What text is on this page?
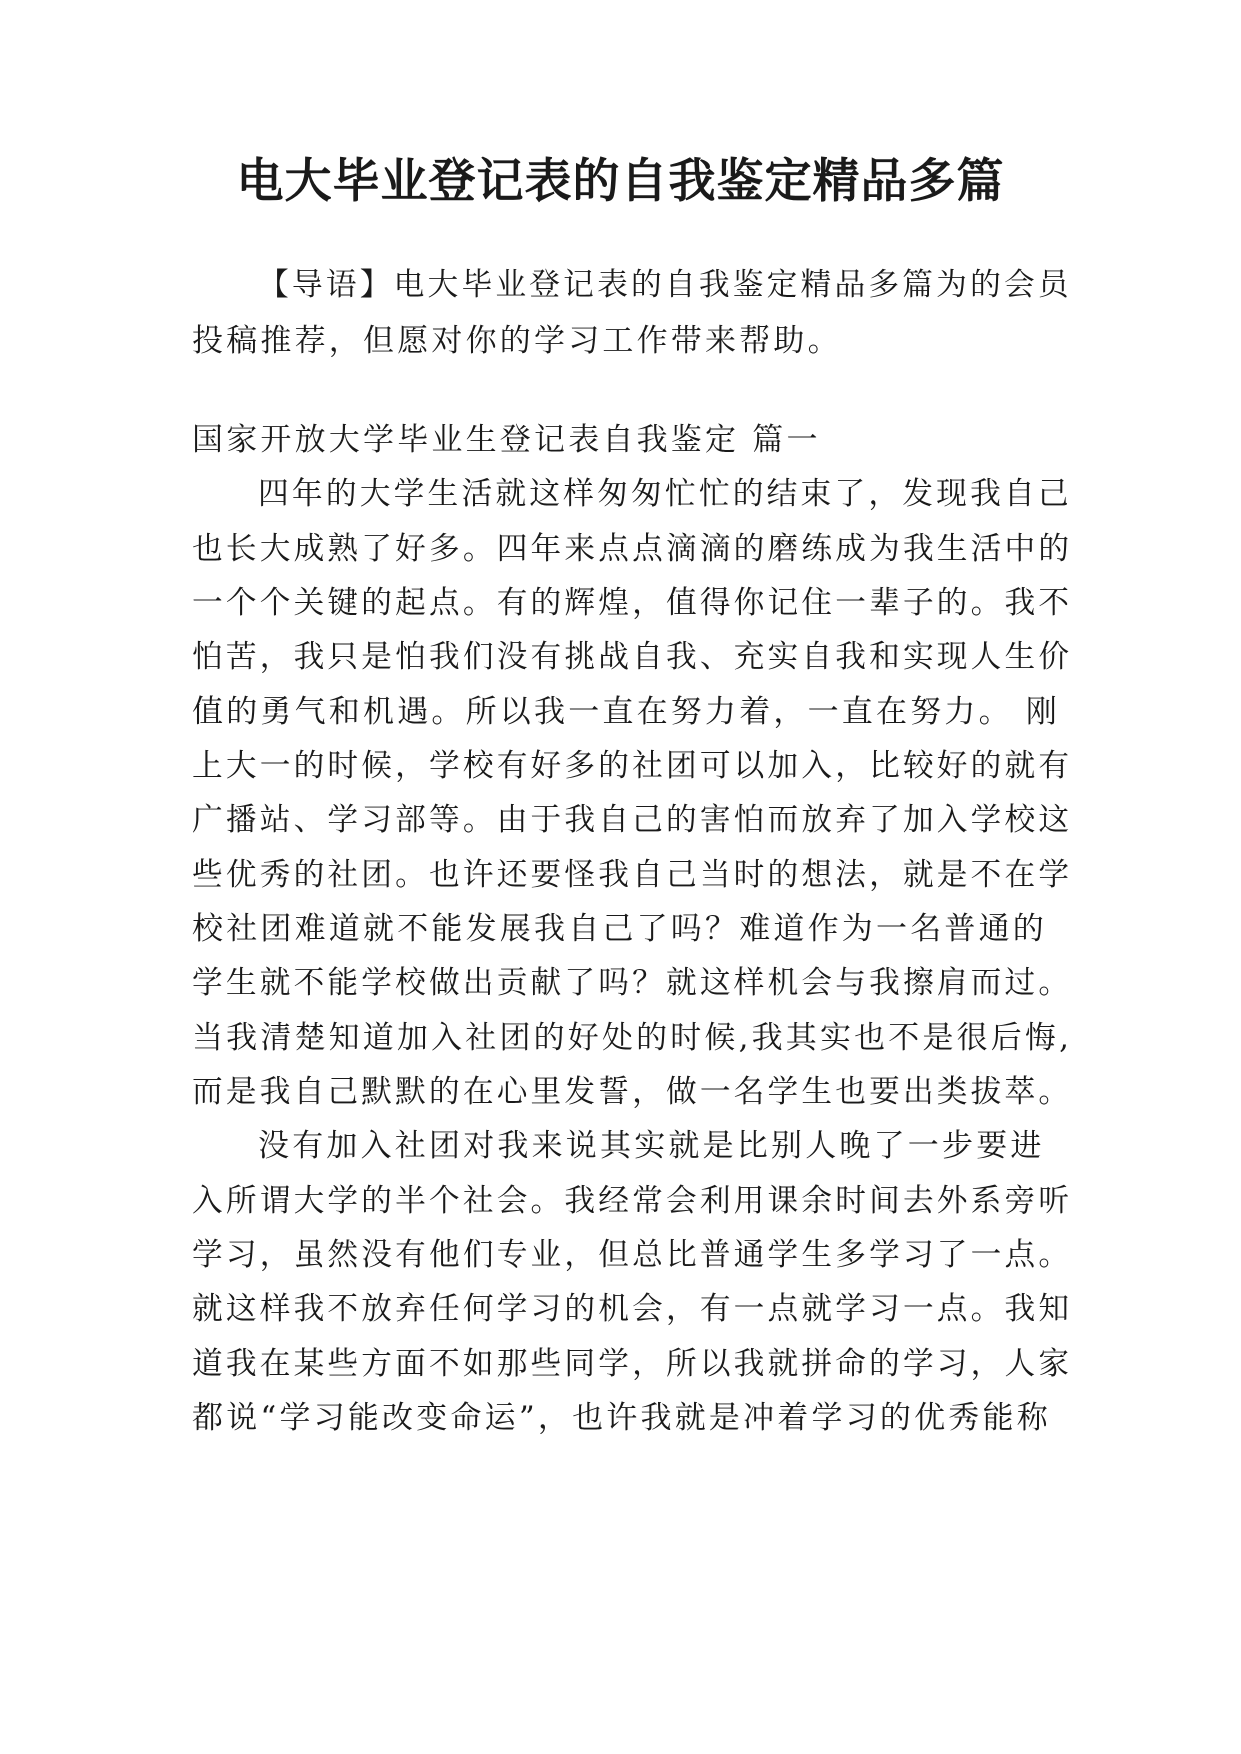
电大毕业登记表的自我鉴定精品多篇
【导语】电大毕业登记表的自我鉴定精品多篇为的会员
投稿推荐，但愿对你的学习工作带来帮助。
国家开放大学毕业生登记表自我鉴定 篇一
四年的大学生活就这样匆匆忙忙的结束了，发现我自己
也长大成熟了好多。四年来点点滴滴的磨练成为我生活中的
一个个关键的起点。有的辉煌，值得你记住一辈子的。我不
怕苦，我只是怕我们没有挑战自我、充实自我和实现人生价
值的勇气和机遇。所以我一直在努力着，一直在努力。 刚
上大一的时候，学校有好多的社团可以加入，比较好的就有
广播站、学习部等。由于我自己的害怕而放弃了加入学校这
些优秀的社团。也许还要怪我自己当时的想法，就是不在学
校社团难道就不能发展我自己了吗？难道作为一名普通的
学生就不能学校做出贡献了吗？就这样机会与我擦肩而过。
当我清楚知道加入社团的好处的时候,我其实也不是很后悔,
而是我自己默默的在心里发誓，做一名学生也要出类拔萃。
没有加入社团对我来说其实就是比别人晚了一步要进
入所谓大学的半个社会。我经常会利用课余时间去外系旁听
学习，虽然没有他们专业，但总比普通学生多学习了一点。
就这样我不放弃任何学习的机会，有一点就学习一点。我知
道我在某些方面不如那些同学，所以我就拼命的学习，人家
都说“学习能改变命运”，也许我就是冲着学习的优秀能称
